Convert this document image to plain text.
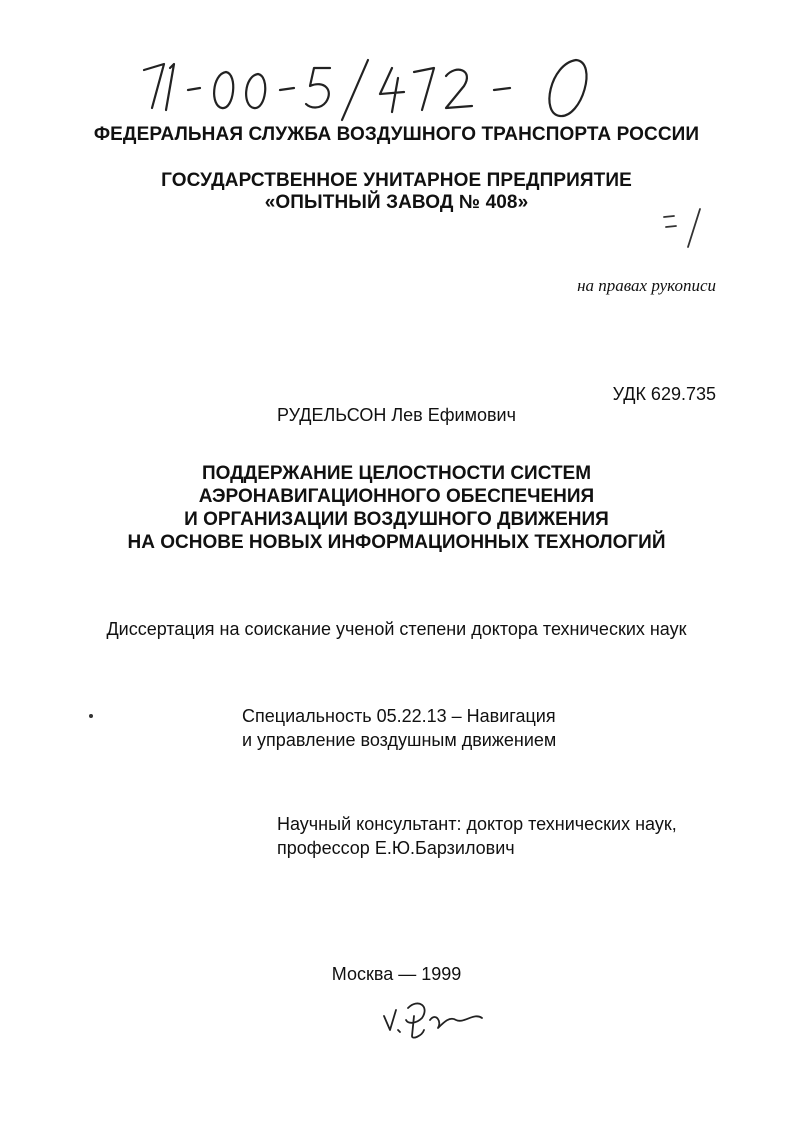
ФЕДЕРАЛЬНАЯ СЛУЖБА ВОЗДУШНОГО ТРАНСПОРТА РОССИИ
ГОСУДАРСТВЕННОЕ УНИТАРНОЕ ПРЕДПРИЯТИЕ
«ОПЫТНЫЙ ЗАВОД № 408»
на правах рукописи
УДК 629.735
РУДЕЛЬСОН Лев Ефимович
ПОДДЕРЖАНИЕ ЦЕЛОСТНОСТИ СИСТЕМ
АЭРОНАВИГАЦИОННОГО ОБЕСПЕЧЕНИЯ
И ОРГАНИЗАЦИИ ВОЗДУШНОГО ДВИЖЕНИЯ
НА ОСНОВЕ НОВЫХ ИНФОРМАЦИОННЫХ ТЕХНОЛОГИЙ
Диссертация на соискание ученой степени доктора технических наук
Специальность 05.22.13 – Навигация
и управление воздушным движением
Научный консультант: доктор технических наук,
профессор Е.Ю.Барзилович
Москва — 1999
